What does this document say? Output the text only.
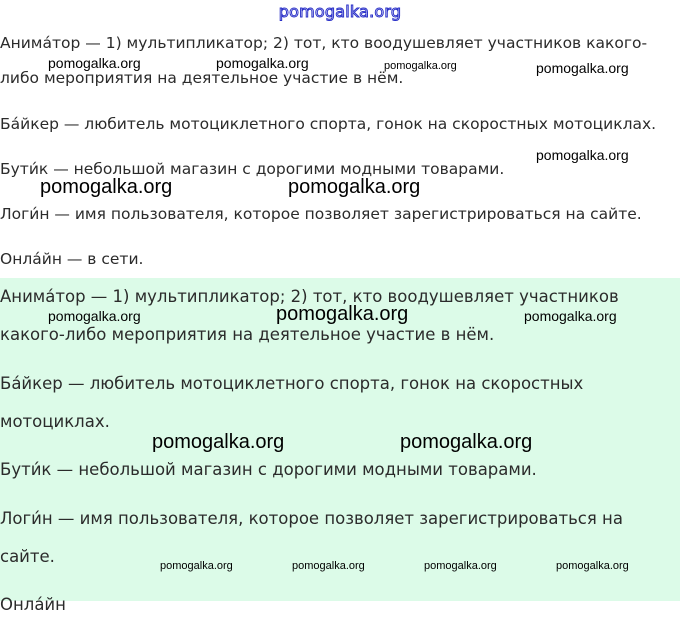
pomogalka.org

Анима́тор — 1) мультипликатор; 2) тот, кто воодушевляет участников какого-

либо мероприятия на деятельное участие в нём.

Ба́йкер — любитель мотоциклетного спорта, гонок на скоростных мотоциклах.

Бути́к — небольшой магазин с дорогими модными товарами.

Логи́н — имя пользователя, которое позволяет зарегистрироваться на сайте.

Онла́йн — в сети.

Анима́тор — 1) мультипликатор; 2) тот, кто воодушевляет участников

какого-либо мероприятия на деятельное участие в нём.

Ба́йкер — любитель мотоциклетного спорта, гонок на скоростных

мотоциклах.

Бути́к — небольшой магазин с дорогими модными товарами.

Логи́н — имя пользователя, которое позволяет зарегистрироваться на

сайте.

Онла́йн

pomogalka.org	pomogalka.org	pomogalka.org	pomogalka.org
pomogalka.org
pomogalka.org	pomogalka.org
pomogalka.org	pomogalka.org	pomogalka.org
pomogalka.org	pomogalka.org
pomogalka.org	pomogalka.org	pomogalka.org	pomogalka.org
